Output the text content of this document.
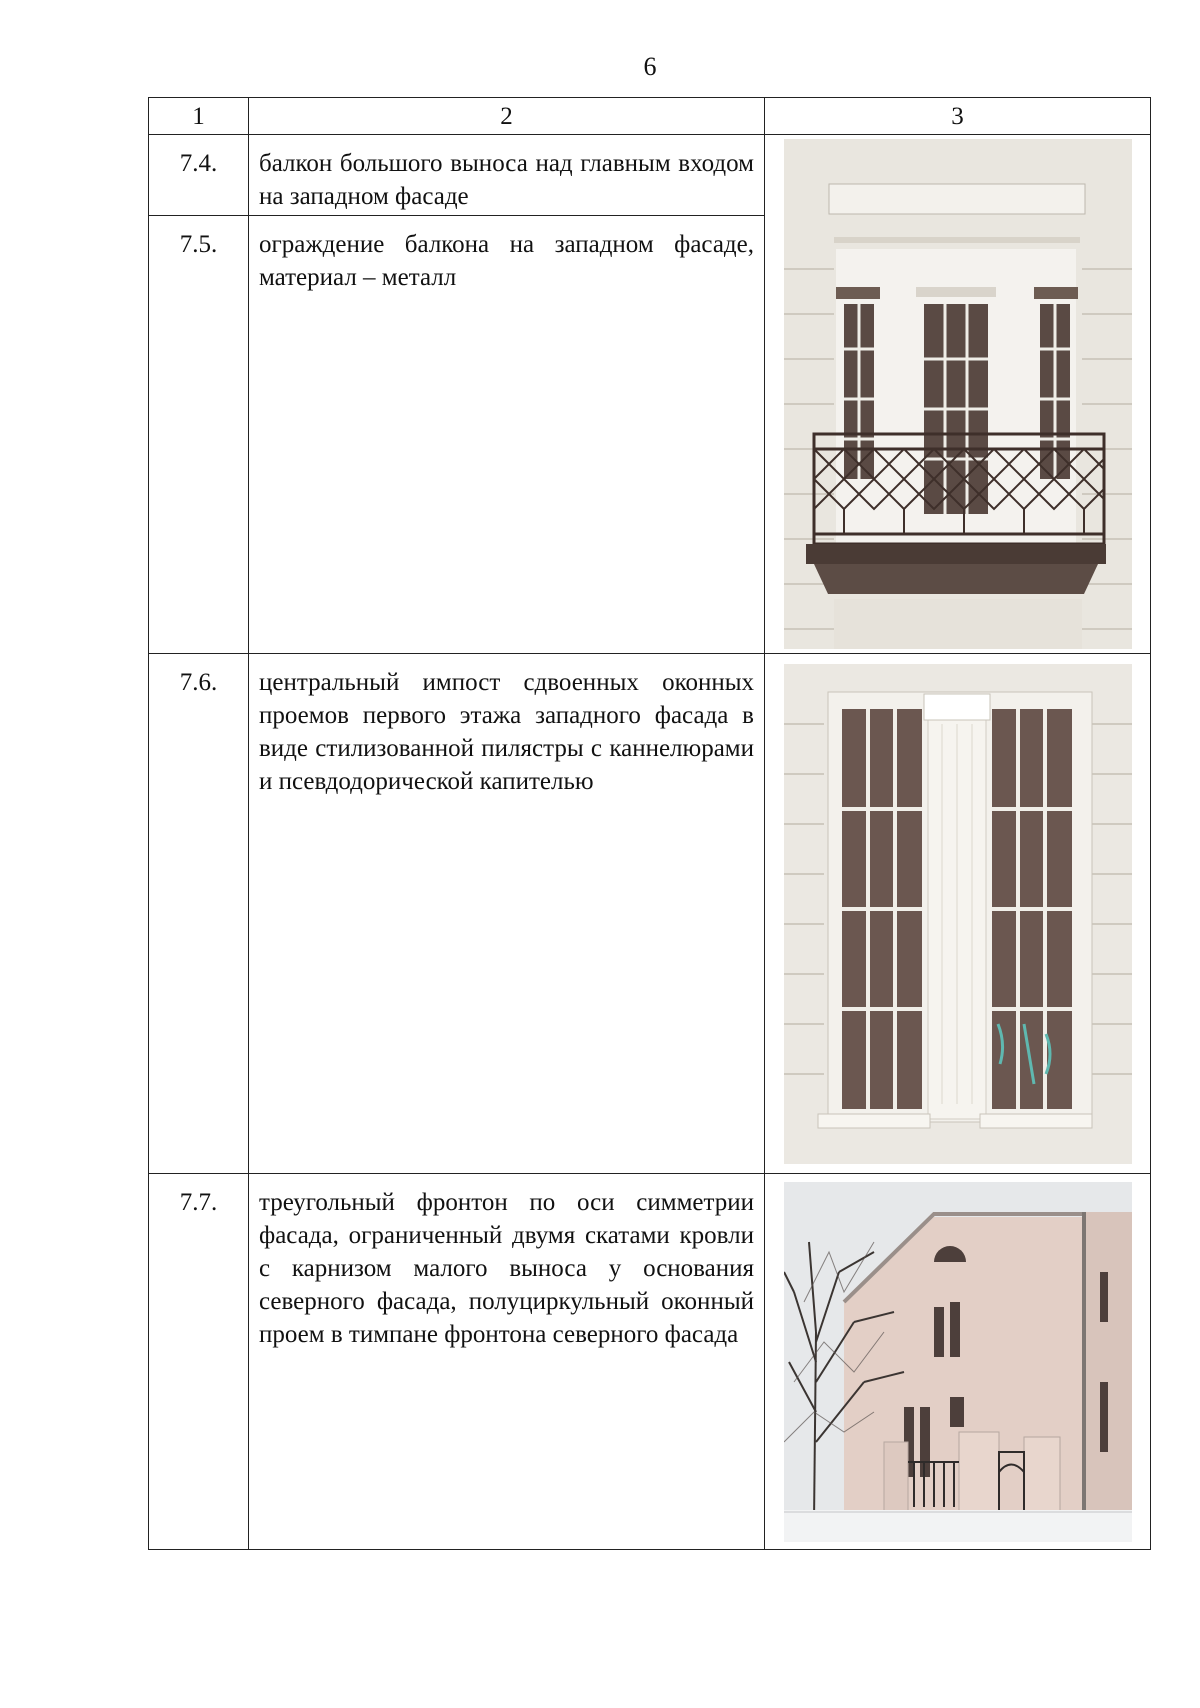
6
1	2	3
7.4.	балкон большого выноса над главным входом на западном фасаде	

7.5.	ограждение балкона на западном фасаде, материал – металл	
7.6.	центральный импост сдвоенных оконных проемов первого этажа западного фасада в виде стилизованной пилястры с каннелюрами и псевдодорической капителью	

7.7.	треугольный фронтон по оси симметрии фасада, ограниченный двумя скатами кровли с карнизом малого выноса у основания северного фасада, полуциркульный оконный проем в тимпане фронтона северного фасада	
